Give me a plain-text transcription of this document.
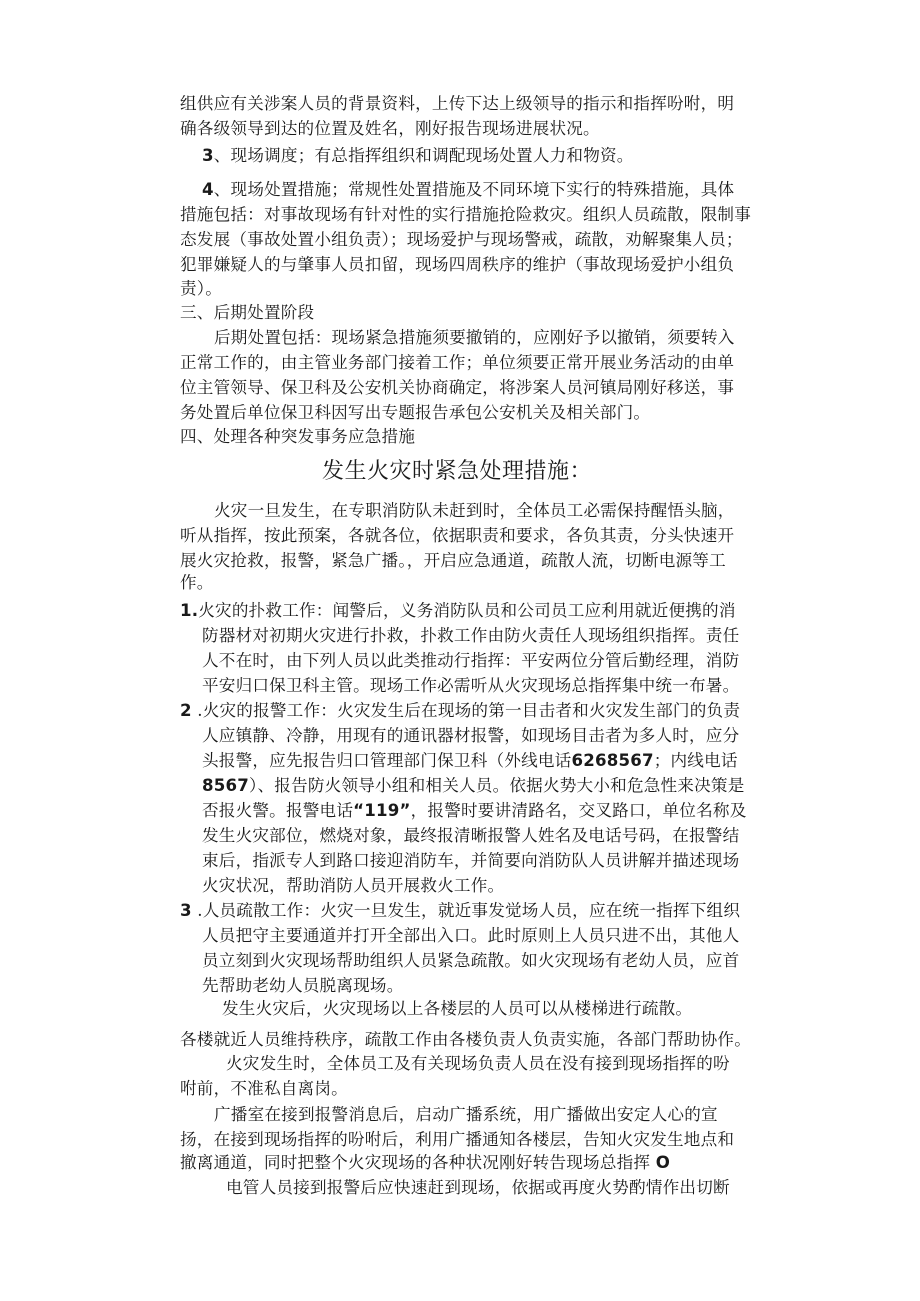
组供应有关涉案人员的背景资料，上传下达上级领导的指示和指挥吩咐，明
确各级领导到达的位置及姓名，刚好报告现场进展状况。
3、现场调度；有总指挥组织和调配现场处置人力和物资。
4、现场处置措施；常规性处置措施及不同环境下实行的特殊措施，具体
措施包括：对事故现场有针对性的实行措施抢险救灾。组织人员疏散，限制事
态发展（事故处置小组负责）；现场爱护与现场警戒，疏散，劝解聚集人员；
犯罪嫌疑人的与肇事人员扣留，现场四周秩序的维护（事故现场爱护小组负
责）。
三、后期处置阶段
后期处置包括：现场紧急措施须要撤销的，应刚好予以撤销，须要转入
正常工作的，由主管业务部门接着工作；单位须要正常开展业务活动的由单
位主管领导、保卫科及公安机关协商确定，将涉案人员河镇局刚好移送，事
务处置后单位保卫科因写出专题报告承包公安机关及相关部门。
四、处理各种突发事务应急措施
发生火灾时紧急处理措施：
火灾一旦发生，在专职消防队未赶到时，全体员工必需保持醒悟头脑，
听从指挥，按此预案，各就各位，依据职责和要求，各负其责，分头快速开
展火灾抢救，报警，紧急广播。，开启应急通道，疏散人流，切断电源等工
作。
1.火灾的扑救工作：闻警后，义务消防队员和公司员工应利用就近便携的消
防器材对初期火灾进行扑救，扑救工作由防火责任人现场组织指挥。责任
人不在时，由下列人员以此类推动行指挥：平安两位分管后勤经理，消防
平安归口保卫科主管。现场工作必需听从火灾现场总指挥集中统一布暑。
2 .火灾的报警工作：火灾发生后在现场的第一目击者和火灾发生部门的负责
人应镇静、冷静，用现有的通讯器材报警，如现场目击者为多人时，应分
头报警，应先报告归口管理部门保卫科（外线电话6268567；内线电话
8567）、报告防火领导小组和相关人员。依据火势大小和危急性来决策是
否报火警。报警电话“119”，报警时要讲清路名，交叉路口，单位名称及
发生火灾部位，燃烧对象，最终报清晰报警人姓名及电话号码，在报警结
束后，指派专人到路口接迎消防车，并简要向消防队人员讲解并描述现场
火灾状况，帮助消防人员开展救火工作。
3 .人员疏散工作：火灾一旦发生，就近事发觉场人员，应在统一指挥下组织
人员把守主要通道并打开全部出入口。此时原则上人员只进不出，其他人
员立刻到火灾现场帮助组织人员紧急疏散。如火灾现场有老幼人员，应首
先帮助老幼人员脱离现场。
发生火灾后，火灾现场以上各楼层的人员可以从楼梯进行疏散。
各楼就近人员维持秩序，疏散工作由各楼负责人负责实施，各部门帮助协作。
火灾发生时，全体员工及有关现场负责人员在没有接到现场指挥的吩
咐前，不准私自离岗。
广播室在接到报警消息后，启动广播系统，用广播做出安定人心的宣
扬，在接到现场指挥的吩咐后，利用广播通知各楼层，告知火灾发生地点和
撤离通道，同时把整个火灾现场的各种状况刚好转告现场总指挥 O
电管人员接到报警后应快速赶到现场，依据或再度火势酌情作出切断
